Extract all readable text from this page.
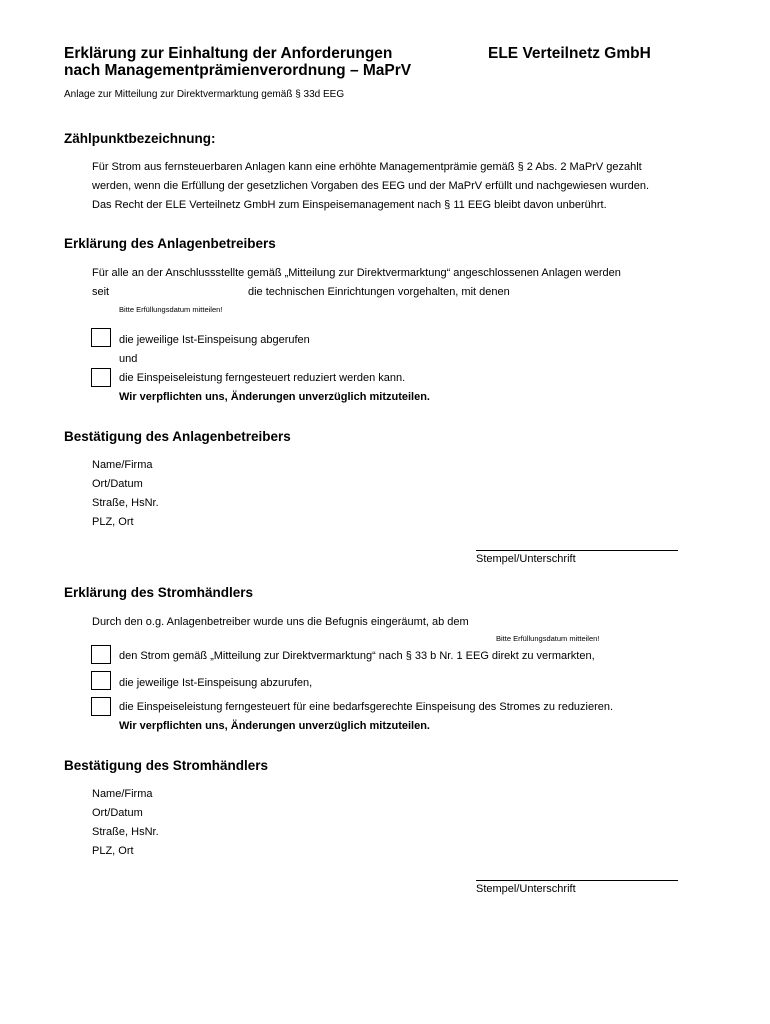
Erklärung zur Einhaltung der Anforderungen
nach Managementprämienverordnung – MaPrV
ELE Verteilnetz GmbH
Anlage zur Mitteilung zur Direktvermarktung gemäß § 33d EEG
Zählpunktbezeichnung:
Für Strom aus fernsteuerbaren Anlagen kann eine erhöhte Managementprämie gemäß § 2 Abs. 2 MaPrV gezahlt
werden, wenn die Erfüllung der gesetzlichen Vorgaben des EEG und der MaPrV erfüllt und nachgewiesen wurden.
Das Recht der ELE Verteilnetz GmbH zum Einspeisemanagement nach § 11 EEG bleibt davon unberührt.
Erklärung des Anlagenbetreibers
Für alle an der Anschlussstellte gemäß „Mitteilung zur Direktvermarktung“ angeschlossenen Anlagen werden
seit	die technischen Einrichtungen vorgehalten, mit denen
Bitte Erfüllungsdatum mitteilen!
die jeweilige Ist-Einspeisung abgerufen
und
die Einspeiseleistung ferngesteuert reduziert werden kann.
Wir verpflichten uns, Änderungen unverzüglich mitzuteilen.
Bestätigung des Anlagenbetreibers
Name/Firma
Ort/Datum
Straße, HsNr.
PLZ, Ort
Stempel/Unterschrift
Erklärung des Stromhändlers
Durch den o.g. Anlagenbetreiber wurde uns die Befugnis eingeräumt, ab dem
Bitte Erfüllungsdatum mitteilen!
den Strom gemäß „Mitteilung zur Direktvermarktung“ nach § 33 b Nr. 1 EEG direkt zu vermarkten,
die jeweilige Ist-Einspeisung abzurufen,
die Einspeiseleistung ferngesteuert für eine bedarfsgerechte Einspeisung des Stromes zu reduzieren.
Wir verpflichten uns, Änderungen unverzüglich mitzuteilen.
Bestätigung des Stromhändlers
Name/Firma
Ort/Datum
Straße, HsNr.
PLZ, Ort
Stempel/Unterschrift
